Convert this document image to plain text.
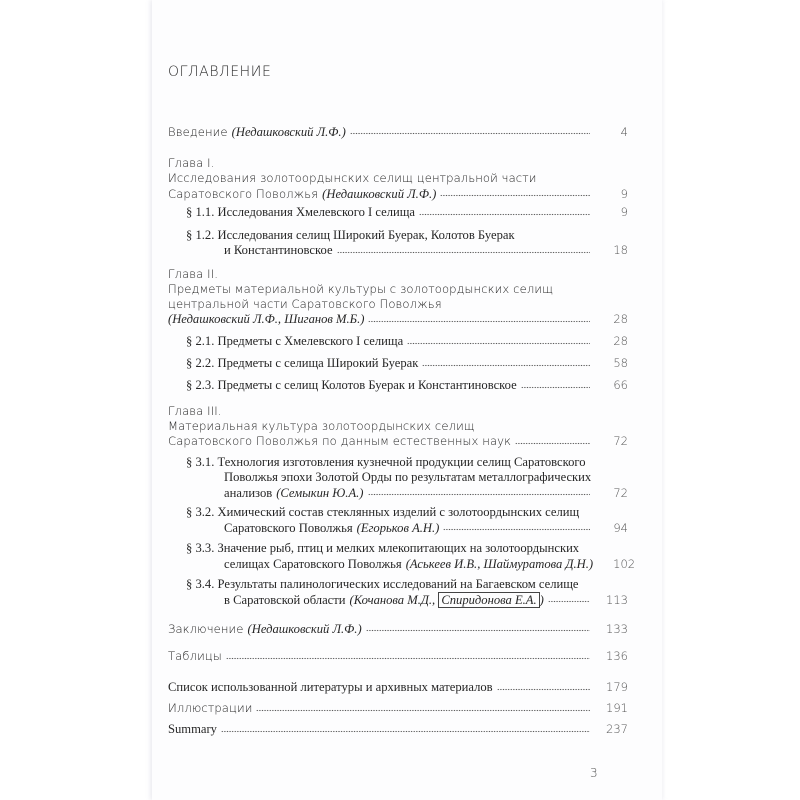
ОГЛАВЛЕНИЕ
Введение (Недашковский Л.Ф.)	4
Глава I.
Исследования золотоордынских селищ центральной части
Саратовского Поволжья (Недашковский Л.Ф.)	9
§ 1.1. Исследования Хмелевского I селища	9
§ 1.2. Исследования селищ Широкий Буерак, Колотов Буерак
и Константиновское	18
Глава II.
Предметы материальной культуры с золотоордынских селищ
центральной части Саратовского Поволжья
(Недашковский Л.Ф., Шиганов М.Б.)	28
§ 2.1. Предметы с Хмелевского I селища	28
§ 2.2. Предметы с селища Широкий Буерак	58
§ 2.3. Предметы с селищ Колотов Буерак и Константиновское	66
Глава III.
Материальная культура золотоордынских селищ
Саратовского Поволжья по данным естественных наук	72
§ 3.1. Технология изготовления кузнечной продукции селищ Саратовского
Поволжья эпохи Золотой Орды по результатам металлографических
анализов (Семыкин Ю.А.)	72
§ 3.2. Химический состав стеклянных изделий с золотоордынских селищ
Саратовского Поволжья (Егорьков А.Н.)	94
§ 3.3. Значение рыб, птиц и мелких млекопитающих на золотоордынских
селищах Саратовского Поволжья (Аськеев И.В., Шаймуратова Д.Н.)	102
§ 3.4. Результаты палинологических исследований на Багаевском селище
в Саратовской области (Кочанова М.Д., Спиридонова Е.А. )	113
Заключение (Недашковский Л.Ф.)	133
Таблицы	136
Список использованной литературы и архивных материалов	179
Иллюстрации	191
Summary	237
3
